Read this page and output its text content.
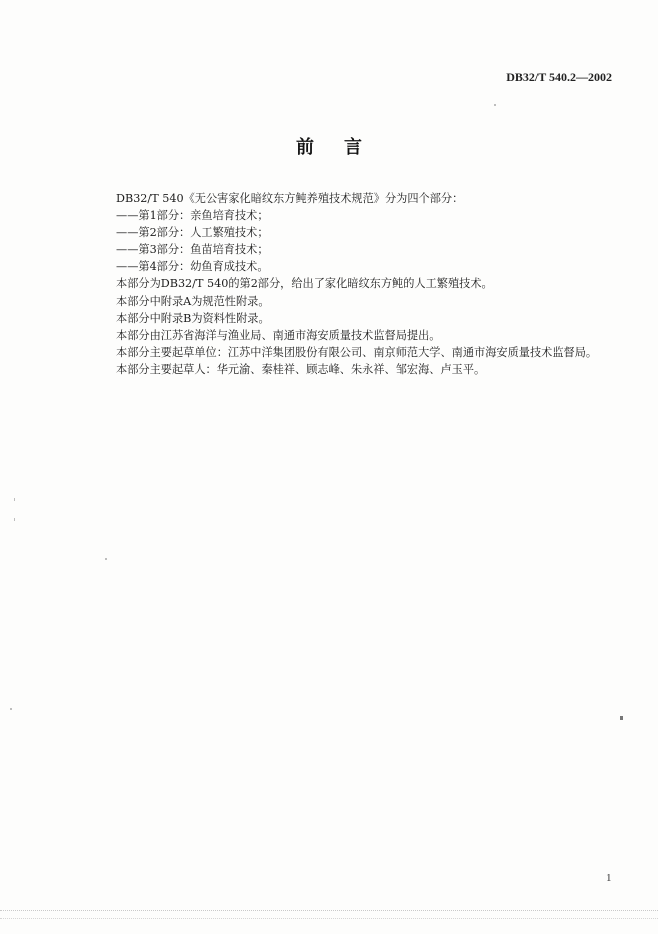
DB32/T 540.2—2002
前言
DB32/T 540《无公害家化暗纹东方鲀养殖技术规范》分为四个部分：
——第1部分：亲鱼培育技术；
——第2部分：人工繁殖技术；
——第3部分：鱼苗培育技术；
——第4部分：幼鱼育成技术。
本部分为DB32/T 540的第2部分，给出了家化暗纹东方鲀的人工繁殖技术。
本部分中附录A为规范性附录。
本部分中附录B为资料性附录。
本部分由江苏省海洋与渔业局、南通市海安质量技术监督局提出。
本部分主要起草单位：江苏中洋集团股份有限公司、南京师范大学、南通市海安质量技术监督局。
本部分主要起草人：华元渝、秦桂祥、顾志峰、朱永祥、邹宏海、卢玉平。
1
